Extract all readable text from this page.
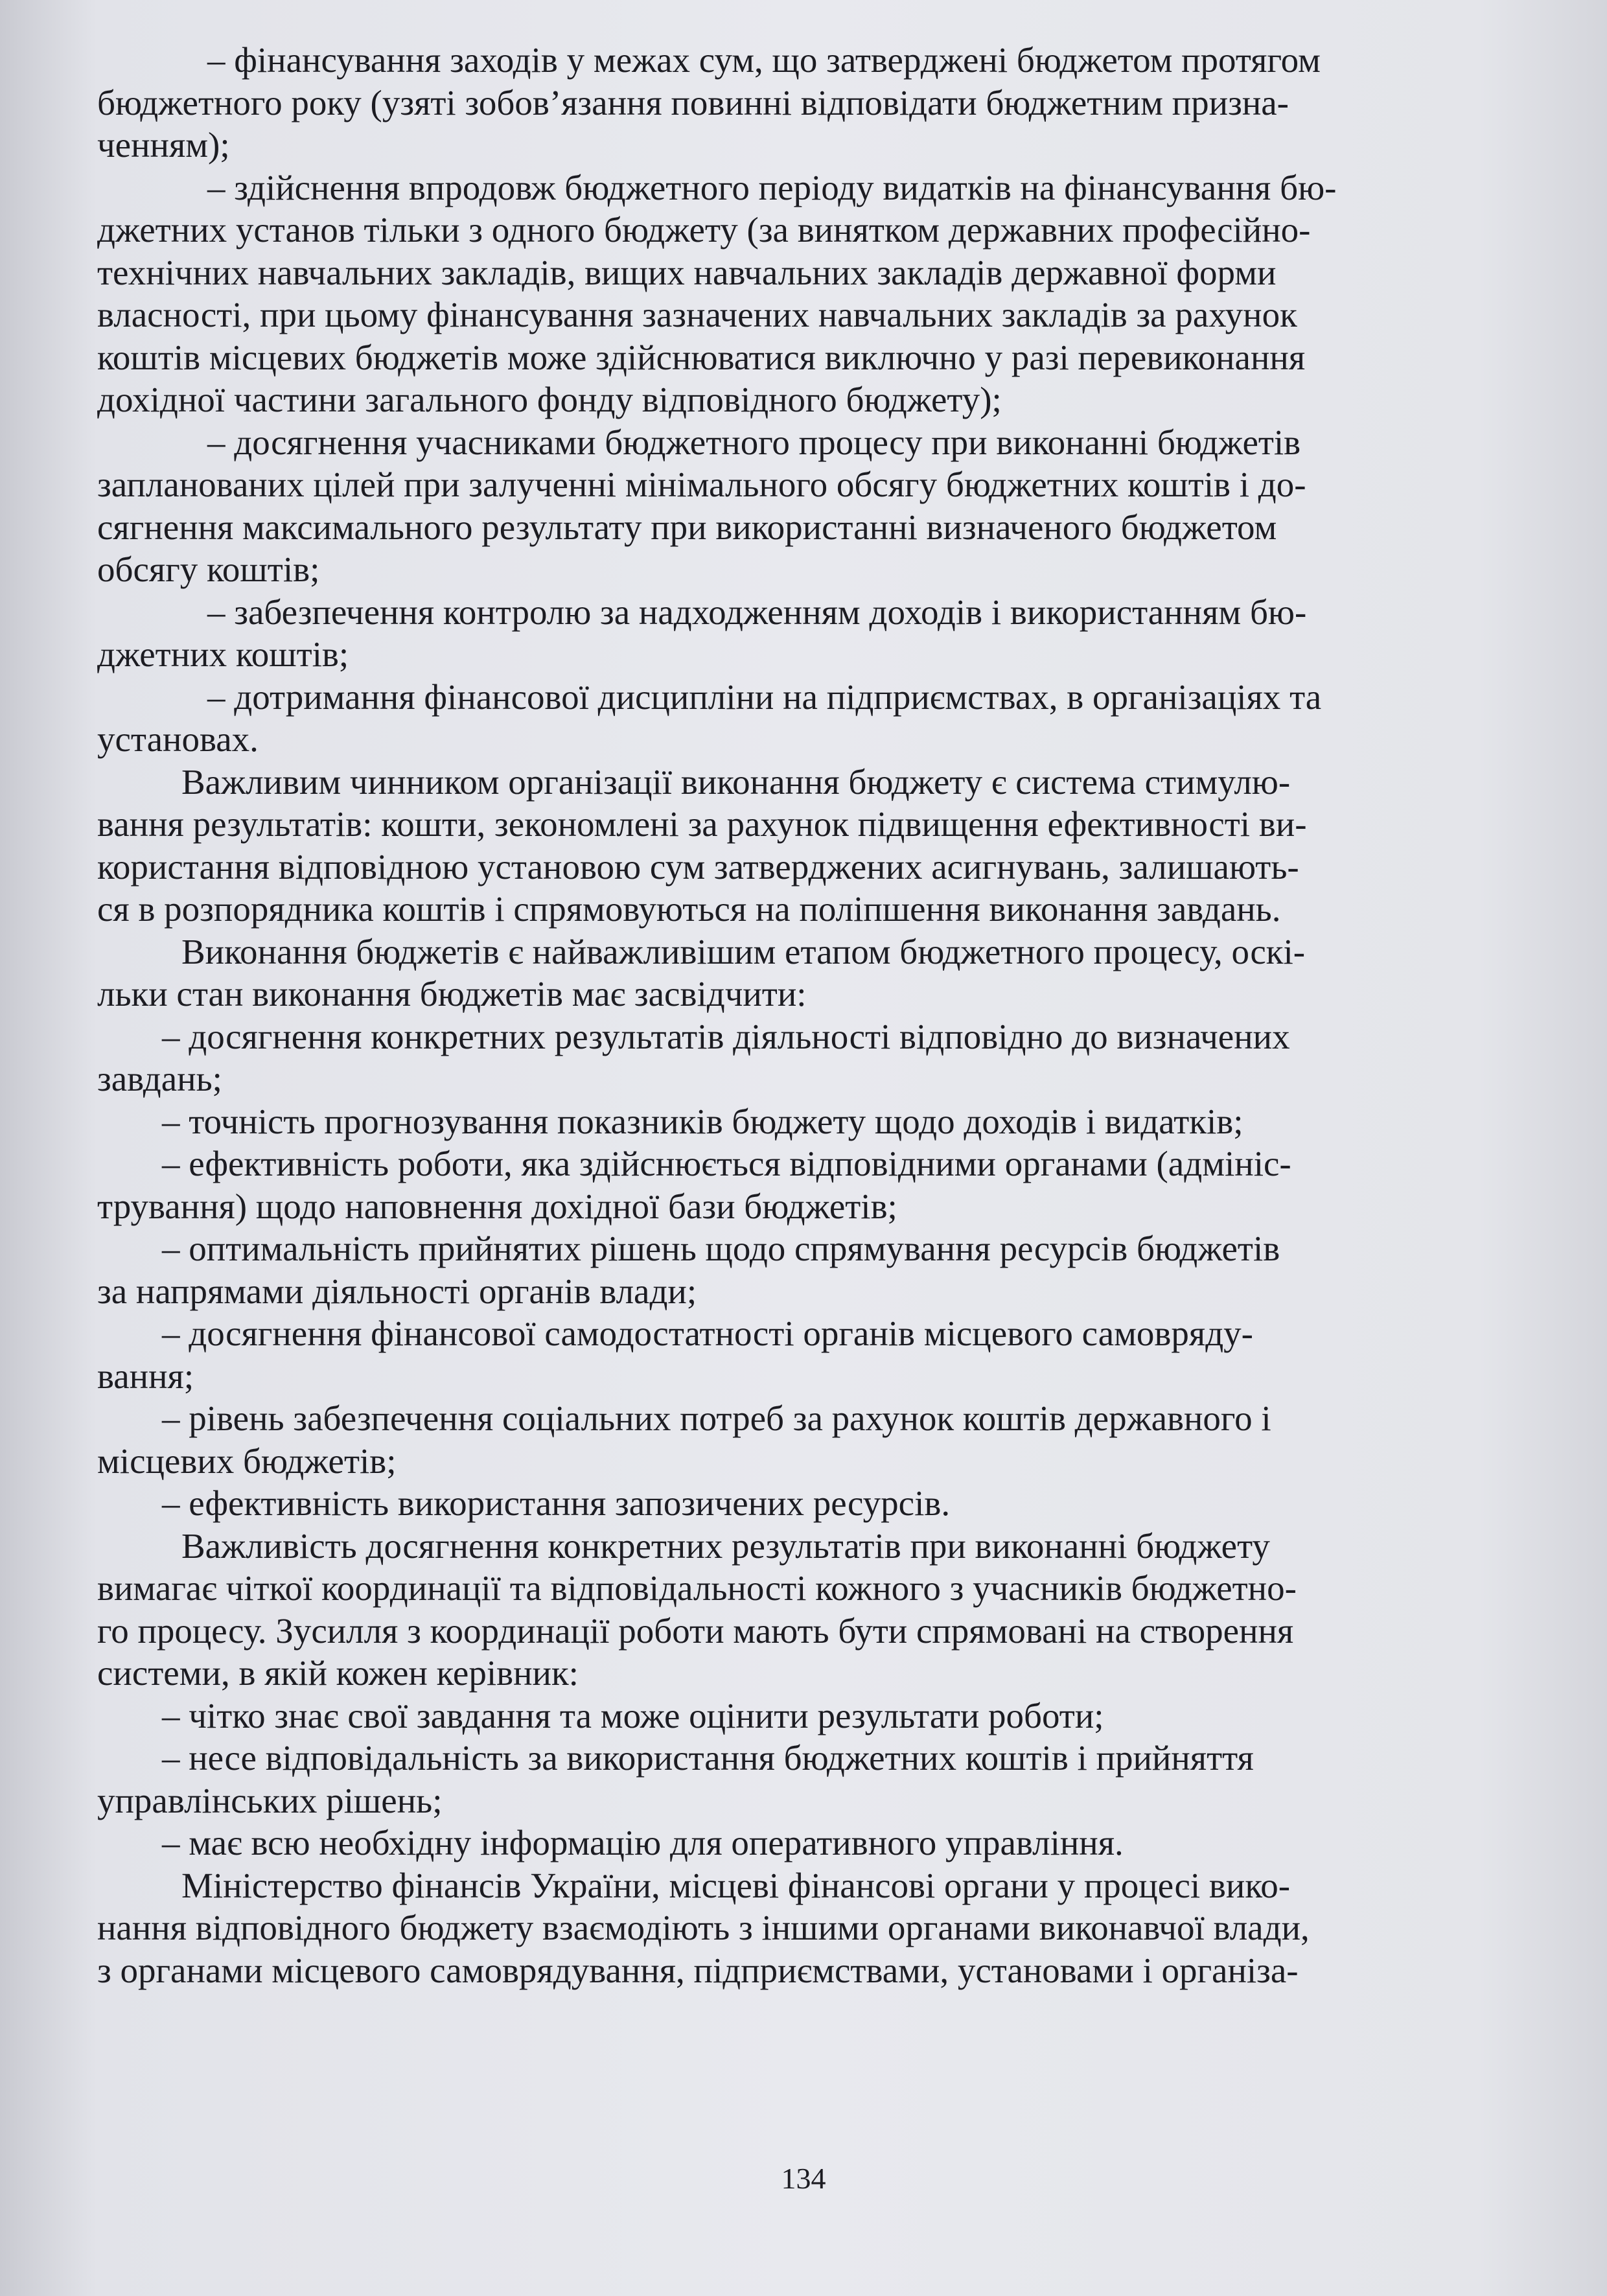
– фінансування заходів у межах сум, що затверджені бюджетом протягом
бюджетного року (узяті зобов’язання повинні відповідати бюджетним призна-
ченням);
– здійснення впродовж бюджетного періоду видатків на фінансування бю-
джетних установ тільки з одного бюджету (за винятком державних професійно-
технічних навчальних закладів, вищих навчальних закладів державної форми
власності, при цьому фінансування зазначених навчальних закладів за рахунок
коштів місцевих бюджетів може здійснюватися виключно у разі перевиконання
дохідної частини загального фонду відповідного бюджету);
– досягнення учасниками бюджетного процесу при виконанні бюджетів
запланованих цілей при залученні мінімального обсягу бюджетних коштів і до-
сягнення максимального результату при використанні визначеного бюджетом
обсягу коштів;
– забезпечення контролю за надходженням доходів і використанням бю-
джетних коштів;
– дотримання фінансової дисципліни на підприємствах, в організаціях та
установах.
Важливим чинником організації виконання бюджету є система стимулю-
вання результатів: кошти, зекономлені за рахунок підвищення ефективності ви-
користання відповідною установою сум затверджених асигнувань, залишають-
ся в розпорядника коштів і спрямовуються на поліпшення виконання завдань.
Виконання бюджетів є найважливішим етапом бюджетного процесу, оскі-
льки стан виконання бюджетів має засвідчити:
– досягнення конкретних результатів діяльності відповідно до визначених
завдань;
– точність прогнозування показників бюджету щодо доходів і видатків;
– ефективність роботи, яка здійснюється відповідними органами (адмініс-
трування) щодо наповнення дохідної бази бюджетів;
– оптимальність прийнятих рішень щодо спрямування ресурсів бюджетів
за напрямами діяльності органів влади;
– досягнення фінансової самодостатності органів місцевого самовряду-
вання;
– рівень забезпечення соціальних потреб за рахунок коштів державного і
місцевих бюджетів;
– ефективність використання запозичених ресурсів.
Важливість досягнення конкретних результатів при виконанні бюджету
вимагає чіткої координації та відповідальності кожного з учасників бюджетно-
го процесу. Зусилля з координації роботи мають бути спрямовані на створення
системи, в якій кожен керівник:
– чітко знає свої завдання та може оцінити результати роботи;
– несе відповідальність за використання бюджетних коштів і прийняття
управлінських рішень;
– має всю необхідну інформацію для оперативного управління.
Міністерство фінансів України, місцеві фінансові органи у процесі вико-
нання відповідного бюджету взаємодіють з іншими органами виконавчої влади,
з органами місцевого самоврядування, підприємствами, установами і організа-
134
